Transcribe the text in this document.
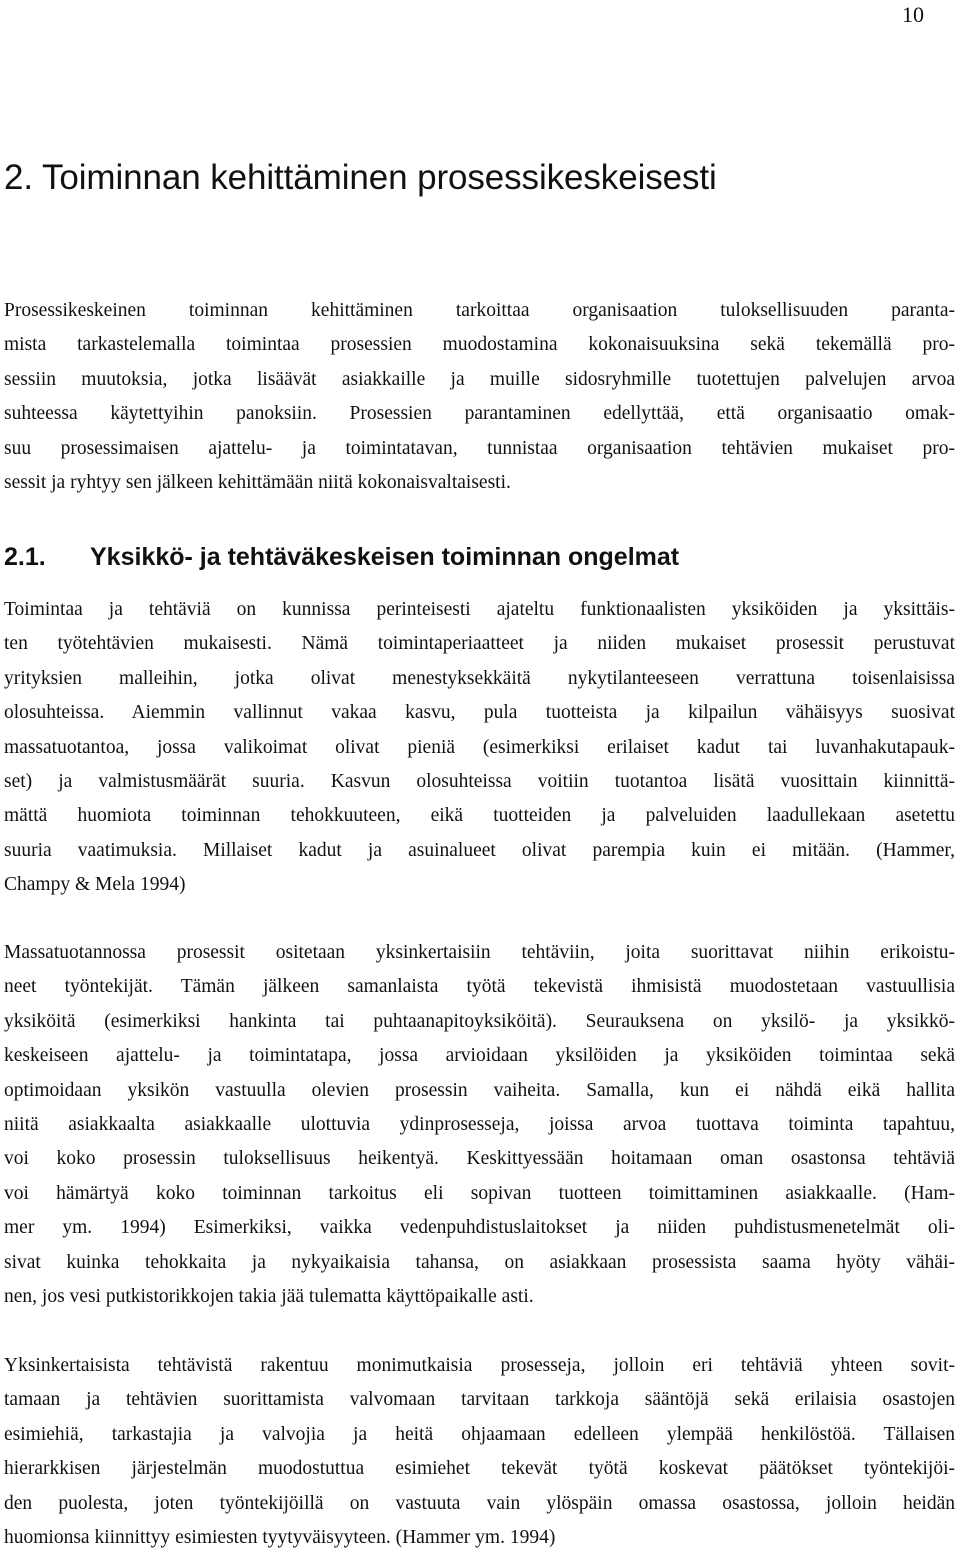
10
2. Toiminnan kehittäminen prosessikeskeisesti
Prosessikeskeinen toiminnan kehittäminen tarkoittaa organisaation tuloksellisuuden paranta-
mista tarkastelemalla toimintaa prosessien muodostamina kokonaisuuksina sekä tekemällä pro-
sessiin muutoksia, jotka lisäävät asiakkaille ja muille sidosryhmille tuotettujen palvelujen arvoa
suhteessa käytettyihin panoksiin. Prosessien parantaminen edellyttää, että organisaatio omak-
suu prosessimaisen ajattelu- ja toimintatavan, tunnistaa organisaation tehtävien mukaiset pro-
sessit ja ryhtyy sen jälkeen kehittämään niitä kokonaisvaltaisesti.
2.1. Yksikkö- ja tehtäväkeskeisen toiminnan ongelmat
Toimintaa ja tehtäviä on kunnissa perinteisesti ajateltu funktionaalisten yksiköiden ja yksittäis-
ten työtehtävien mukaisesti. Nämä toimintaperiaatteet ja niiden mukaiset prosessit perustuvat
yrityksien malleihin, jotka olivat menestyksekkäitä nykytilanteeseen verrattuna toisenlaisissa
olosuhteissa. Aiemmin vallinnut vakaa kasvu, pula tuotteista ja kilpailun vähäisyys suosivat
massatuotantoa, jossa valikoimat olivat pieniä (esimerkiksi erilaiset kadut tai luvanhakutapauk-
set) ja valmistusmäärät suuria. Kasvun olosuhteissa voitiin tuotantoa lisätä vuosittain kiinnittä-
mättä huomiota toiminnan tehokkuuteen, eikä tuotteiden ja palveluiden laadullekaan asetettu
suuria vaatimuksia. Millaiset kadut ja asuinalueet olivat parempia kuin ei mitään. (Hammer,
Champy & Mela 1994)
Massatuotannossa prosessit ositetaan yksinkertaisiin tehtäviin, joita suorittavat niihin erikoistu-
neet työntekijät. Tämän jälkeen samanlaista työtä tekevistä ihmisistä muodostetaan vastuullisia
yksiköitä (esimerkiksi hankinta tai puhtaanapitoyksiköitä). Seurauksena on yksilö- ja yksikkö-
keskeiseen ajattelu- ja toimintatapa, jossa arvioidaan yksilöiden ja yksiköiden toimintaa sekä
optimoidaan yksikön vastuulla olevien prosessin vaiheita. Samalla, kun ei nähdä eikä hallita
niitä asiakkaalta asiakkaalle ulottuvia ydinprosesseja, joissa arvoa tuottava toiminta tapahtuu,
voi koko prosessin tuloksellisuus heikentyä. Keskittyessään hoitamaan oman osastonsa tehtäviä
voi hämärtyä koko toiminnan tarkoitus eli sopivan tuotteen toimittaminen asiakkaalle. (Ham-
mer ym. 1994) Esimerkiksi, vaikka vedenpuhdistuslaitokset ja niiden puhdistusmenetelmät oli-
sivat kuinka tehokkaita ja nykyaikaisia tahansa, on asiakkaan prosessista saama hyöty vähäi-
nen, jos vesi putkistorikkojen takia jää tulematta käyttöpaikalle asti.
Yksinkertaisista tehtävistä rakentuu monimutkaisia prosesseja, jolloin eri tehtäviä yhteen sovit-
tamaan ja tehtävien suorittamista valvomaan tarvitaan tarkkoja sääntöjä sekä erilaisia osastojen
esimiehiä, tarkastajia ja valvojia ja heitä ohjaamaan edelleen ylempää henkilöstöä. Tällaisen
hierarkkisen järjestelmän muodostuttua esimiehet tekevät työtä koskevat päätökset työntekijöi-
den puolesta, joten työntekijöillä on vastuuta vain ylöspäin omassa osastossa, jolloin heidän
huomionsa kiinnittyy esimiesten tyytyväisyyteen. (Hammer ym. 1994)
